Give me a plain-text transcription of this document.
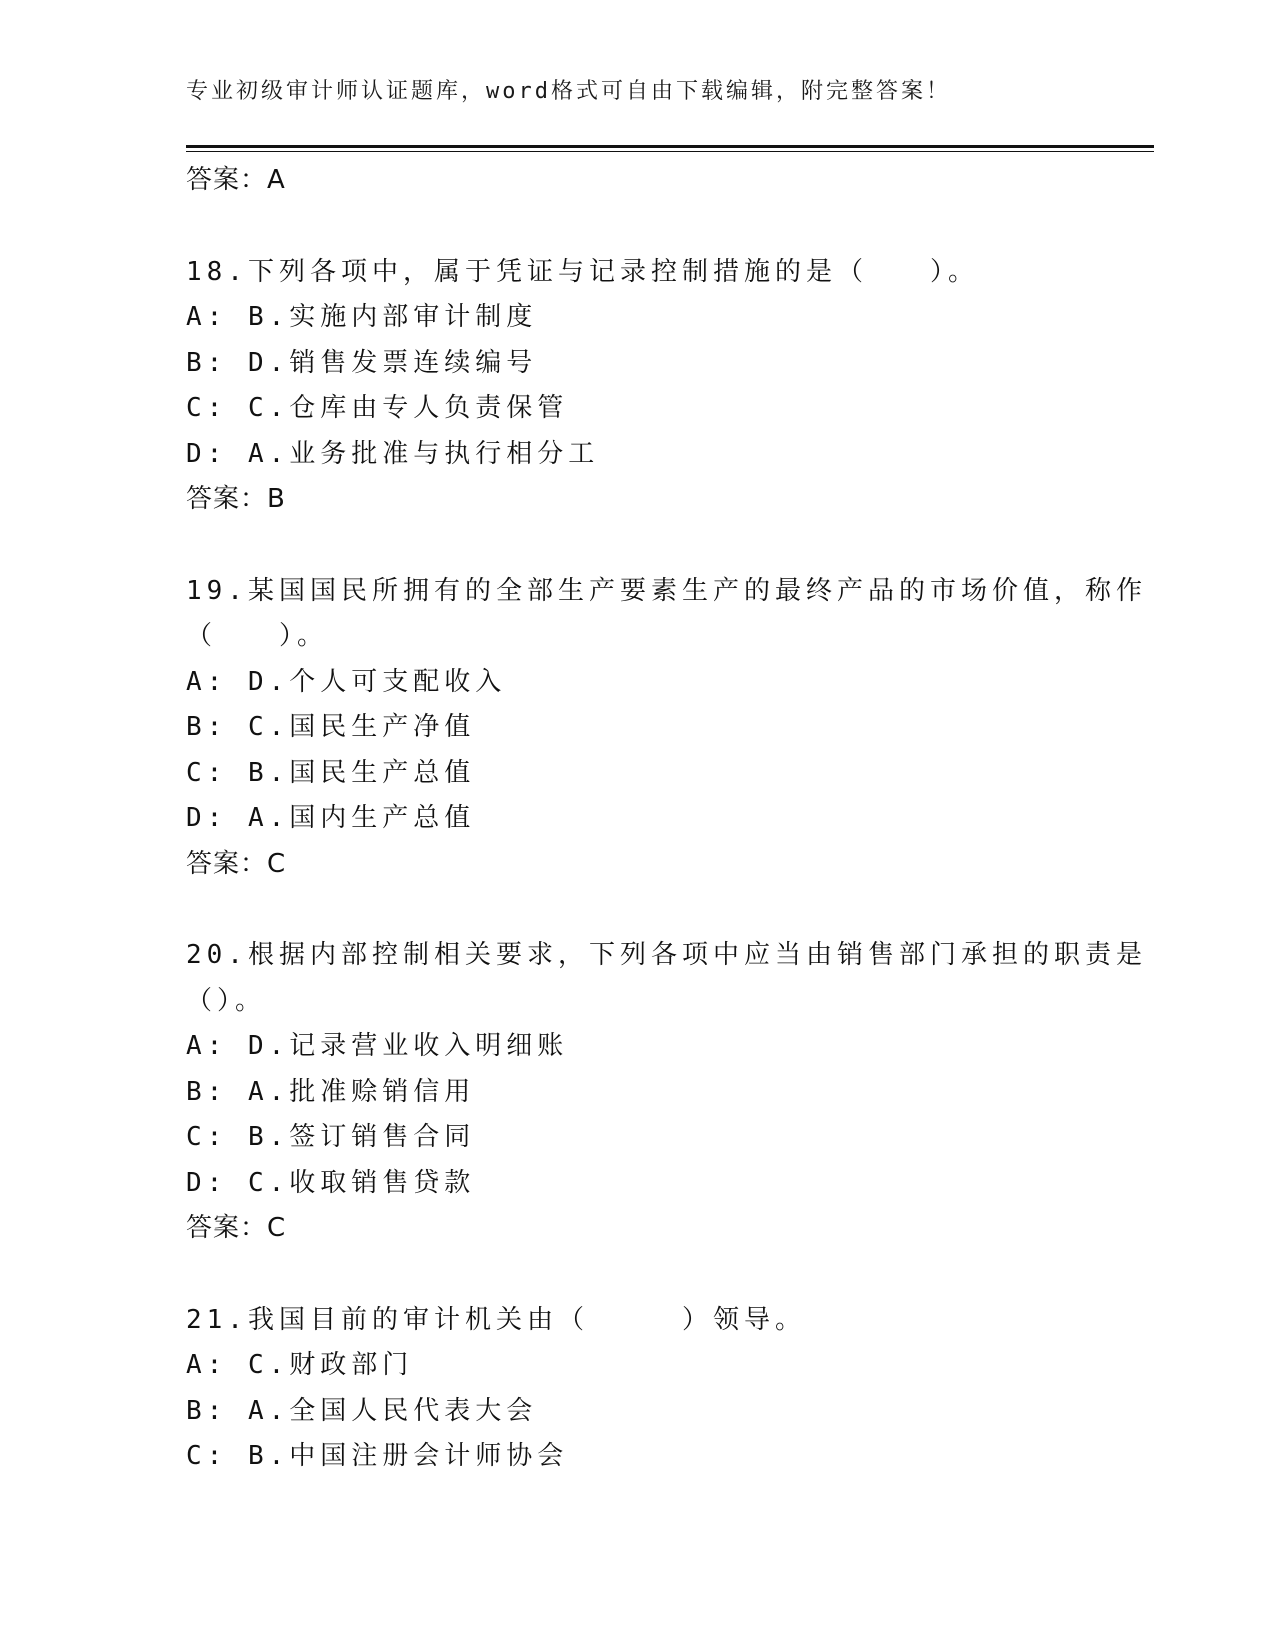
专业初级审计师认证题库，word格式可自由下载编辑，附完整答案！
答案：A
18.下列各项中，属于凭证与记录控制措施的是（　　）。
A: B.实施内部审计制度
B: D.销售发票连续编号
C: C.仓库由专人负责保管
D: A.业务批准与执行相分工
答案：B
19.某国国民所拥有的全部生产要素生产的最终产品的市场价值，称作
（　　）。
A: D.个人可支配收入
B: C.国民生产净值
C: B.国民生产总值
D: A.国内生产总值
答案：C
20.根据内部控制相关要求，下列各项中应当由销售部门承担的职责是
（）。
A: D.记录营业收入明细账
B: A.批准赊销信用
C: B.签订销售合同
D: C.收取销售贷款
答案：C
21.我国目前的审计机关由（　　　）领导。
A: C.财政部门
B: A.全国人民代表大会
C: B.中国注册会计师协会
